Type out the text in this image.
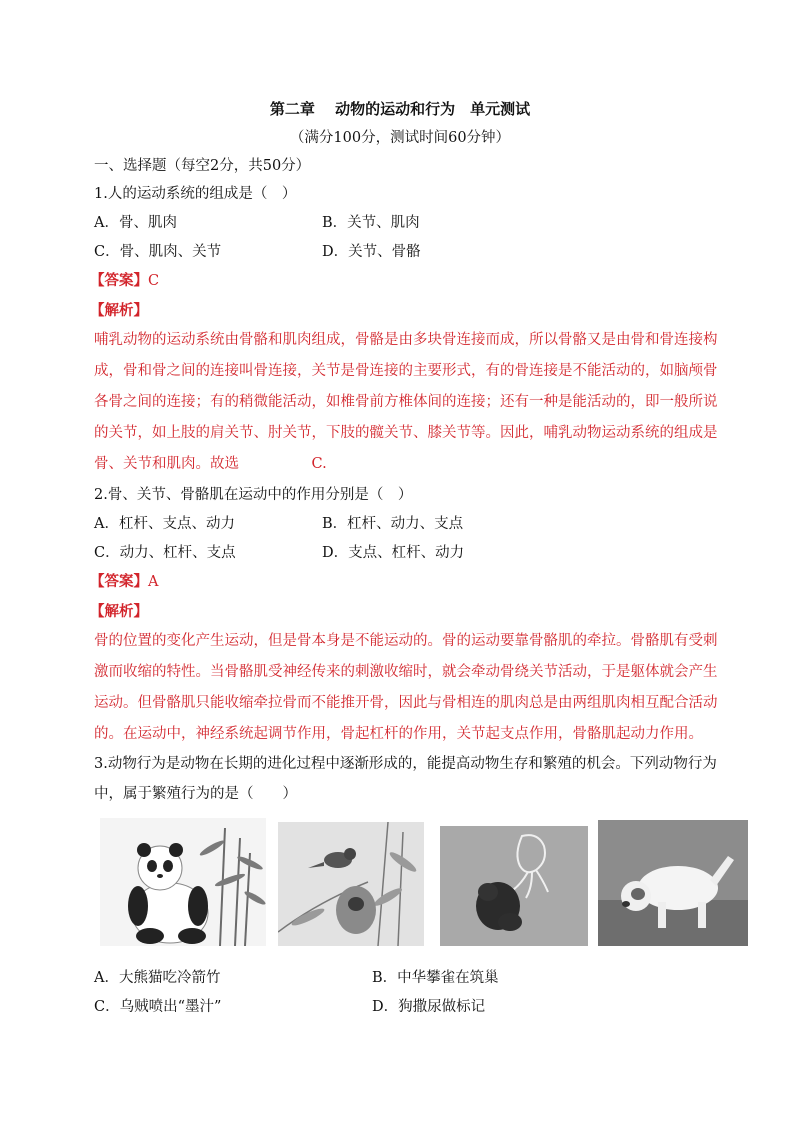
第二章　 动物的运动和行为　单元测试
（满分100分，测试时间60分钟）
一、选择题（每空2分，共50分）
1.人的运动系统的组成是（　）
A．骨、肌肉	B．关节、肌肉
C．骨、肌肉、关节	D．关节、骨骼
【答案】C
【解析】
哺乳动物的运动系统由骨骼和肌肉组成，骨骼是由多块骨连接而成，所以骨骼又是由骨和骨连接构
成，骨和骨之间的连接叫骨连接，关节是骨连接的主要形式，有的骨连接是不能活动的，如脑颅骨
各骨之间的连接；有的稍微能活动，如椎骨前方椎体间的连接；还有一种是能活动的，即一般所说
的关节，如上肢的肩关节、肘关节，下肢的髋关节、膝关节等。因此，哺乳动物运动系统的组成是
骨、关节和肌肉。故选　　　　　C.
2.骨、关节、骨骼肌在运动中的作用分别是（　）
A．杠杆、支点、动力	B．杠杆、动力、支点
C．动力、杠杆、支点	D．支点、杠杆、动力
【答案】A
【解析】
骨的位置的变化产生运动，但是骨本身是不能运动的。骨的运动要靠骨骼肌的牵拉。骨骼肌有受刺
激而收缩的特性。当骨骼肌受神经传来的刺激收缩时，就会牵动骨绕关节活动，于是躯体就会产生
运动。但骨骼肌只能收缩牵拉骨而不能推开骨，因此与骨相连的肌肉总是由两组肌肉相互配合活动
的。在运动中，神经系统起调节作用，骨起杠杆的作用，关节起支点作用，骨骼肌起动力作用。
3.动物行为是动物在长期的进化过程中逐渐形成的，能提高动物生存和繁殖的机会。下列动物行为
中，属于繁殖行为的是（　　）
A．大熊猫吃冷箭竹	B．中华攀雀在筑巢
C．乌贼喷出“墨汁”	D．狗撒尿做标记
